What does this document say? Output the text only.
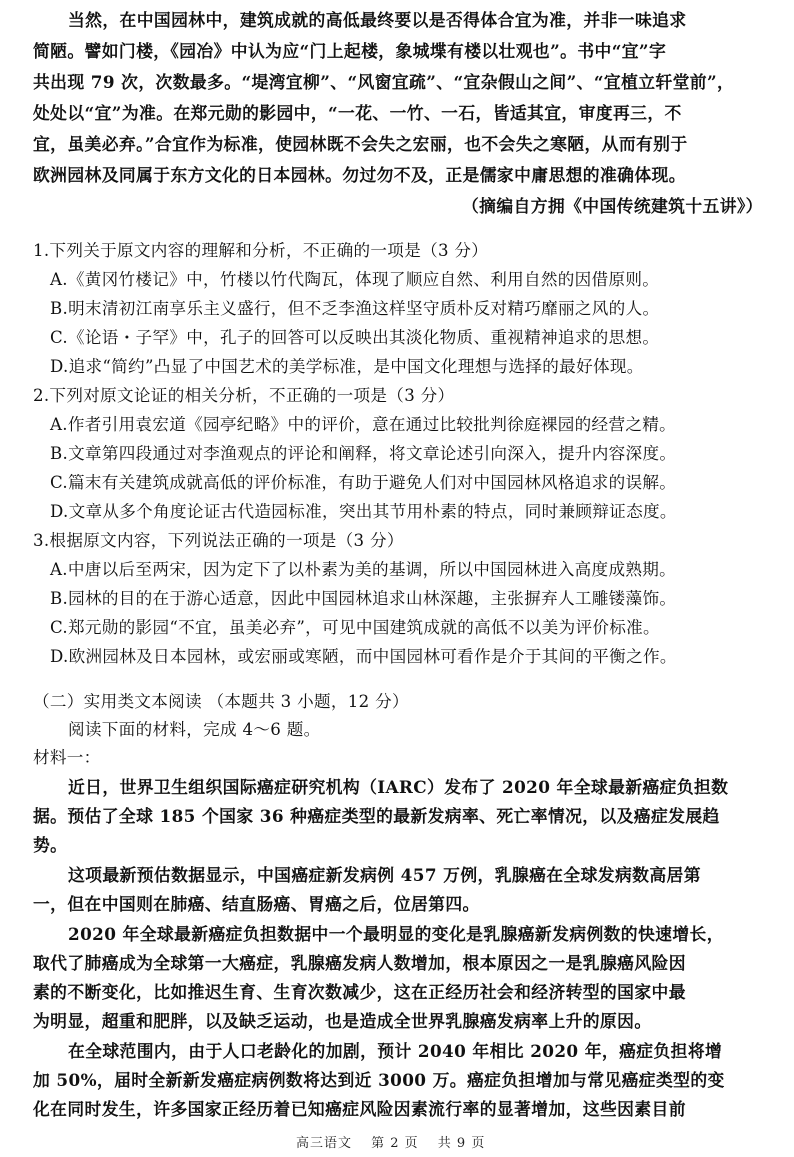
当然，在中国园林中，建筑成就的高低最终要以是否得体合宜为准，并非一味追求
简陋。譬如门楼，《园冶》中认为应“门上起楼，象城堞有楼以壮观也”。书中“宜”字
共出现 79 次，次数最多。“堤湾宜柳”、“风窗宜疏”、“宜杂假山之间”、“宜植立轩堂前”，
处处以“宜”为准。在郑元勋的影园中，“一花、一竹、一石，皆适其宜，审度再三，不
宜，虽美必弃。”合宜作为标准，使园林既不会失之宏丽，也不会失之寒陋，从而有别于
欧洲园林及同属于东方文化的日本园林。勿过勿不及，正是儒家中庸思想的准确体现。
（摘编自方拥《中国传统建筑十五讲》）
1.下列关于原文内容的理解和分析，不正确的一项是（3 分）
A.《黄冈竹楼记》中，竹楼以竹代陶瓦，体现了顺应自然、利用自然的因借原则。
B.明末清初江南享乐主义盛行，但不乏李渔这样坚守质朴反对精巧靡丽之风的人。
C.《论语・子罕》中，孔子的回答可以反映出其淡化物质、重视精神追求的思想。
D.追求“简约”凸显了中国艺术的美学标准，是中国文化理想与选择的最好体现。
2.下列对原文论证的相关分析，不正确的一项是（3 分）
A.作者引用袁宏道《园亭纪略》中的评价，意在通过比较批判徐庭裸园的经营之精。
B.文章第四段通过对李渔观点的评论和阐释，将文章论述引向深入，提升内容深度。
C.篇末有关建筑成就高低的评价标准，有助于避免人们对中国园林风格追求的误解。
D.文章从多个角度论证古代造园标准，突出其节用朴素的特点，同时兼顾辩证态度。
3.根据原文内容，下列说法正确的一项是（3 分）
A.中唐以后至两宋，因为定下了以朴素为美的基调，所以中国园林进入高度成熟期。
B.园林的目的在于游心适意，因此中国园林追求山林深趣，主张摒弃人工雕镂藻饰。
C.郑元勋的影园“不宜，虽美必弃”，可见中国建筑成就的高低不以美为评价标准。
D.欧洲园林及日本园林，或宏丽或寒陋，而中国园林可看作是介于其间的平衡之作。
（二）实用类文本阅读 （本题共 3 小题，12 分）
阅读下面的材料，完成 4～6 题。
材料一：
近日，世界卫生组织国际癌症研究机构（IARC）发布了 2020 年全球最新癌症负担数
据。预估了全球 185 个国家 36 种癌症类型的最新发病率、死亡率情况，以及癌症发展趋
势。
这项最新预估数据显示，中国癌症新发病例 457 万例，乳腺癌在全球发病数高居第
一，但在中国则在肺癌、结直肠癌、胃癌之后，位居第四。
2020 年全球最新癌症负担数据中一个最明显的变化是乳腺癌新发病例数的快速增长，
取代了肺癌成为全球第一大癌症，乳腺癌发病人数增加，根本原因之一是乳腺癌风险因
素的不断变化，比如推迟生育、生育次数减少，这在正经历社会和经济转型的国家中最
为明显，超重和肥胖，以及缺乏运动，也是造成全世界乳腺癌发病率上升的原因。
在全球范围内，由于人口老龄化的加剧，预计 2040 年相比 2020 年，癌症负担将增
加 50%，届时全新新发癌症病例数将达到近 3000 万。癌症负担增加与常见癌症类型的变
化在同时发生，许多国家正经历着已知癌症风险因素流行率的显著增加，这些因素目前
高三语文　 第 2 页　 共 9 页
